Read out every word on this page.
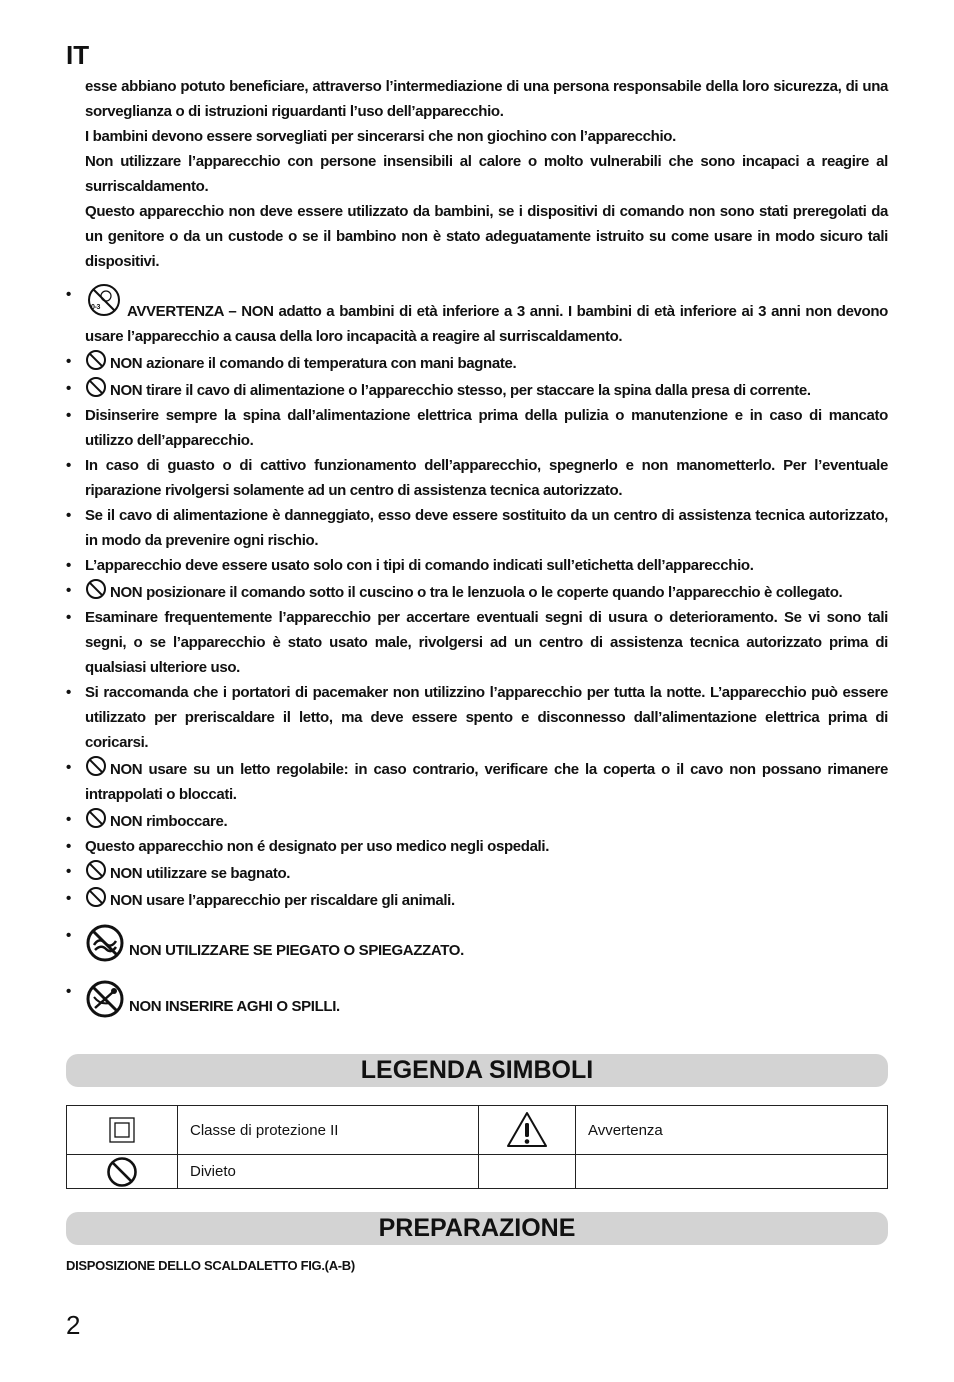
IT

esse abbiano potuto beneficiare, attraverso l’intermediazione di una persona responsabile della loro sicurezza, di una sorveglianza o di istruzioni riguardanti l’uso dell’apparecchio.

I bambini devono essere sorvegliati per sincerarsi che non giochino con l’apparecchio.

Non utilizzare l’apparecchio con persone insensibili al calore o molto vulnerabili che sono incapaci a reagire al surriscaldamento.

Questo apparecchio non deve essere utilizzato da bambini, se i dispositivi di comando non sono stati preregolati da un genitore o da un custode o se il bambino non è stato adeguatamente istruito su come usare in modo sicuro tali dispositivi.

• 0-3 AVVERTENZA – NON adatto a bambini di età inferiore a 3 anni. I bambini di età inferiore ai 3 anni non devono usare l’apparecchio a causa della loro incapacità a reagire al surriscaldamento.
• NON azionare il comando di temperatura con mani bagnate.
• NON tirare il cavo di alimentazione o l’apparecchio stesso, per staccare la spina dalla presa di corrente.
• Disinserire sempre la spina dall’alimentazione elettrica prima della pulizia o manutenzione e in caso di mancato utilizzo dell’apparecchio.
• In caso di guasto o di cattivo funzionamento dell’apparecchio, spegnerlo e non manometterlo. Per l’eventuale riparazione rivolgersi solamente ad un centro di assistenza tecnica autorizzato.
• Se il cavo di alimentazione è danneggiato, esso deve essere sostituito da un centro di assistenza tecnica autorizzato, in modo da prevenire ogni rischio.
• L’apparecchio deve essere usato solo con i tipi di comando indicati sull’etichetta dell’apparecchio.
• NON posizionare il comando sotto il cuscino o tra le lenzuola o le coperte quando l’apparecchio è collegato.
• Esaminare frequentemente l’apparecchio per accertare eventuali segni di usura o deterioramento. Se vi sono tali segni, o se l’apparecchio è stato usato male, rivolgersi ad un centro di assistenza tecnica autorizzato prima di qualsiasi ulteriore uso.
• Si raccomanda che i portatori di pacemaker non utilizzino l’apparecchio per tutta la notte. L’apparecchio può essere utilizzato per preriscaldare il letto, ma deve essere spento e disconnesso dall’alimentazione elettrica prima di coricarsi.
• NON usare su un letto regolabile: in caso contrario, verificare che la coperta o il cavo non possano rimanere intrappolati o bloccati.
• NON rimboccare.
• Questo apparecchio non é designato per uso medico negli ospedali.
• NON utilizzare se bagnato.
• NON usare l’apparecchio per riscaldare gli animali.
• NON UTILIZZARE SE PIEGATO O SPIEGAZZATO.
• NON INSERIRE AGHI O SPILLI.
LEGENDA SIMBOLI
	Classe di protezione II		Avvertenza
	Divieto		
PREPARAZIONE
DISPOSIZIONE DELLO SCALDALETTO FIG.(A-B)
2
